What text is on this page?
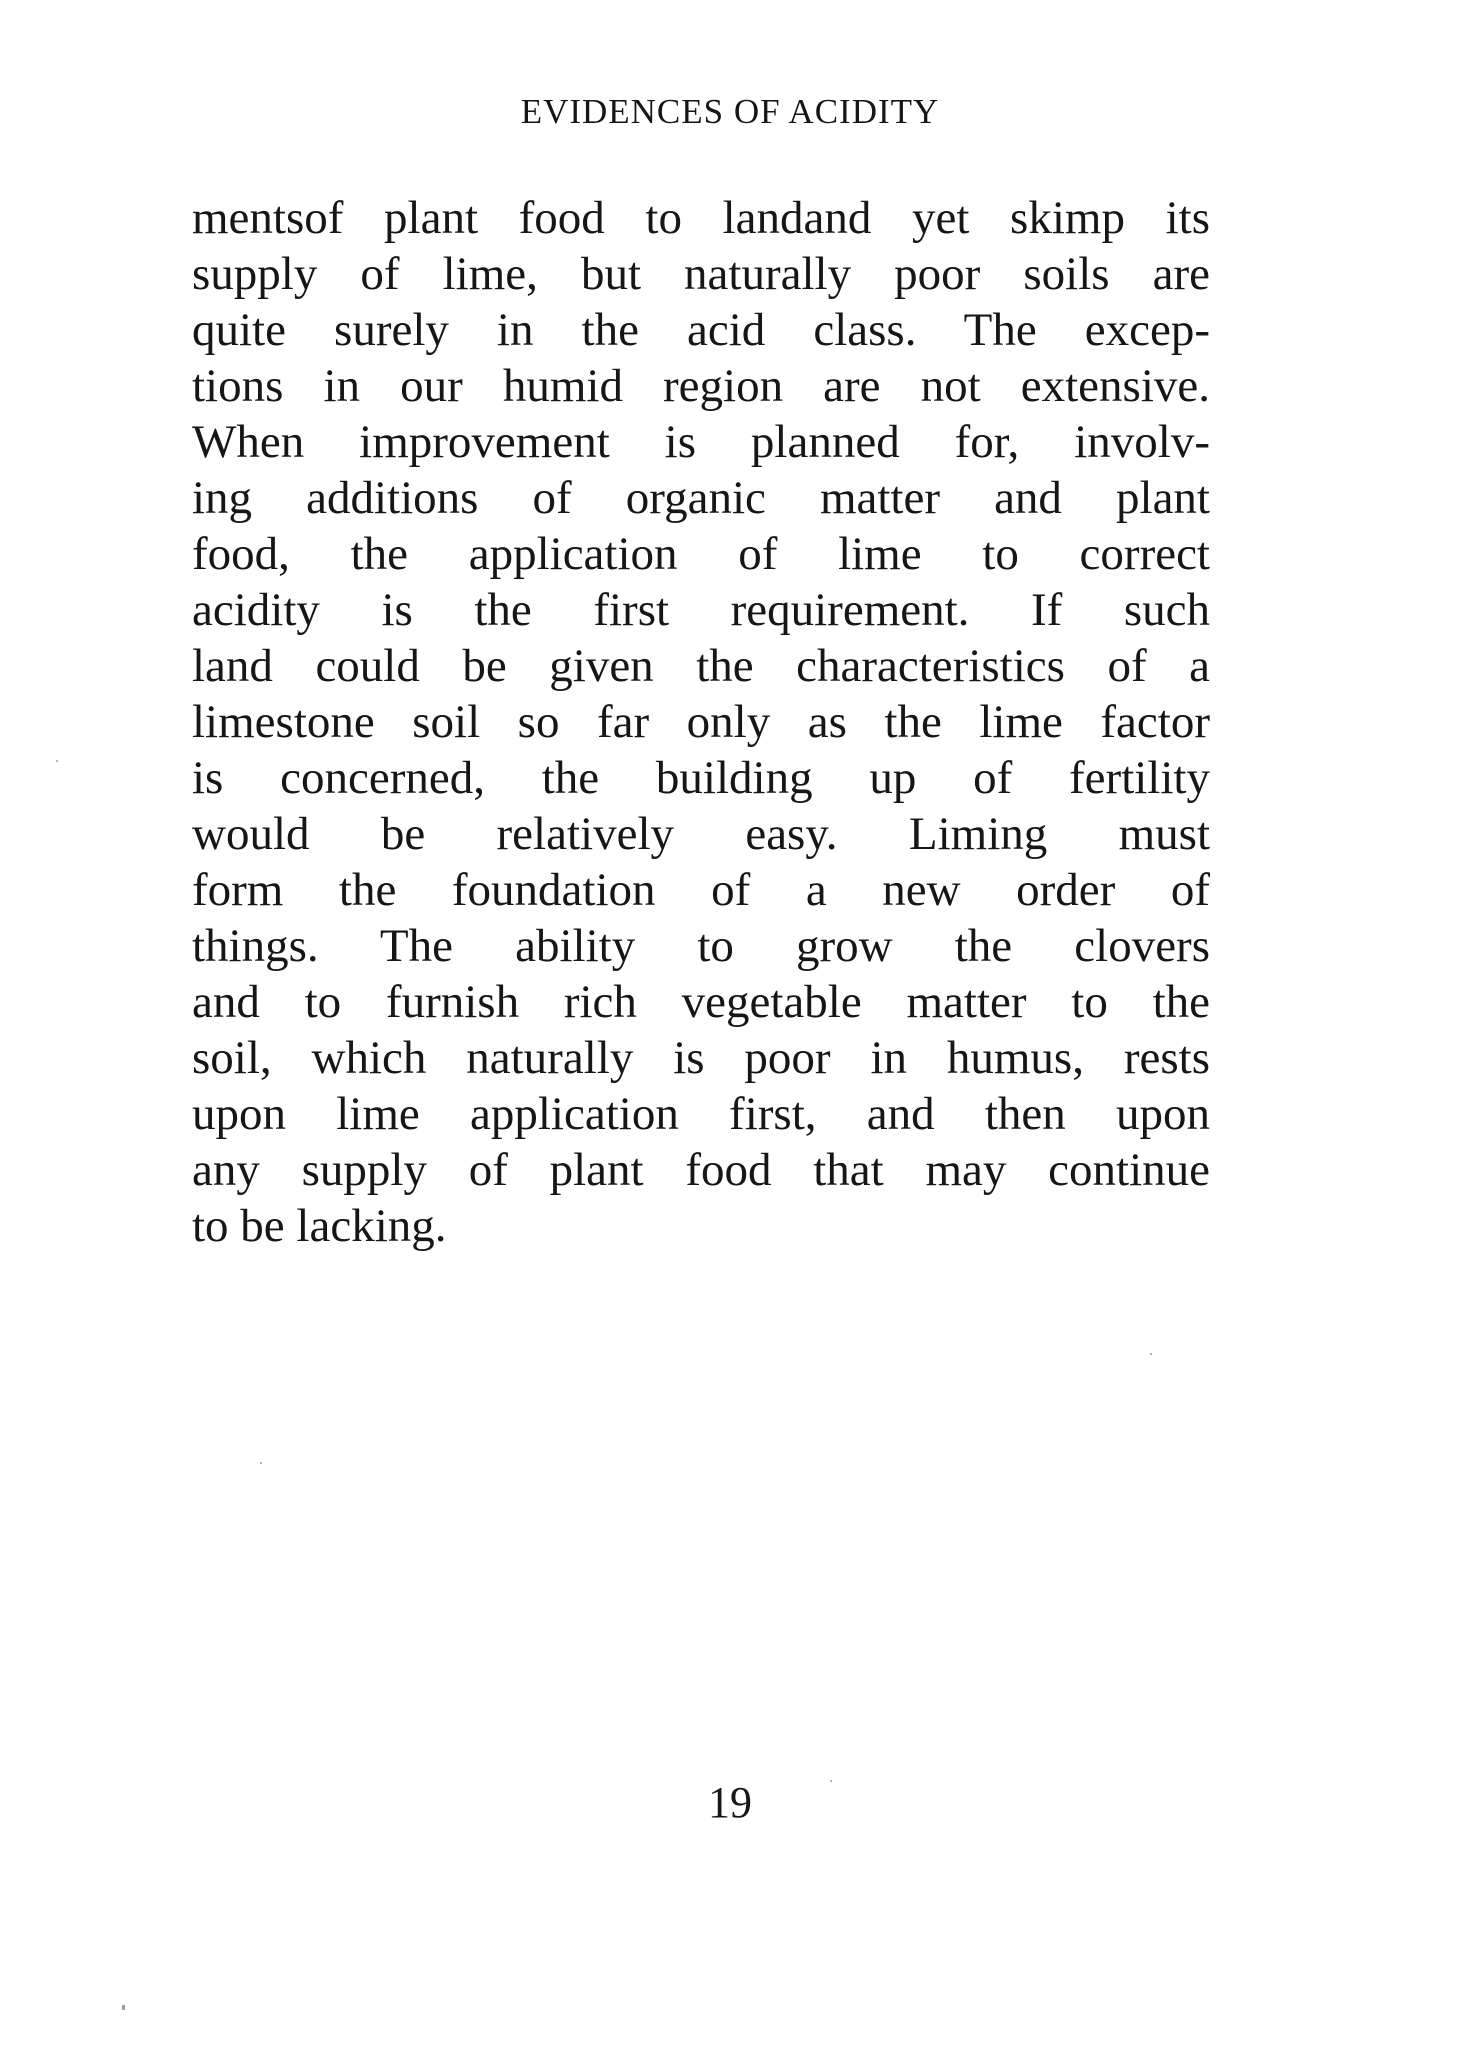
EVIDENCES OF ACIDITY
mentsof plant food to landand yet skimp its
supply of lime, but naturally poor soils are
quite surely in the acid class. The excep-
tions in our humid region are not extensive.
When improvement is planned for, involv-
ing additions of organic matter and plant
food, the application of lime to correct
acidity is the first requirement. If such
land could be given the characteristics of a
limestone soil so far only as the lime factor
is concerned, the building up of fertility
would be relatively easy. Liming must
form the foundation of a new order of
things. The ability to grow the clovers
and to furnish rich vegetable matter to the
soil, which naturally is poor in humus, rests
upon lime application first, and then upon
any supply of plant food that may continue
to be lacking.
19
